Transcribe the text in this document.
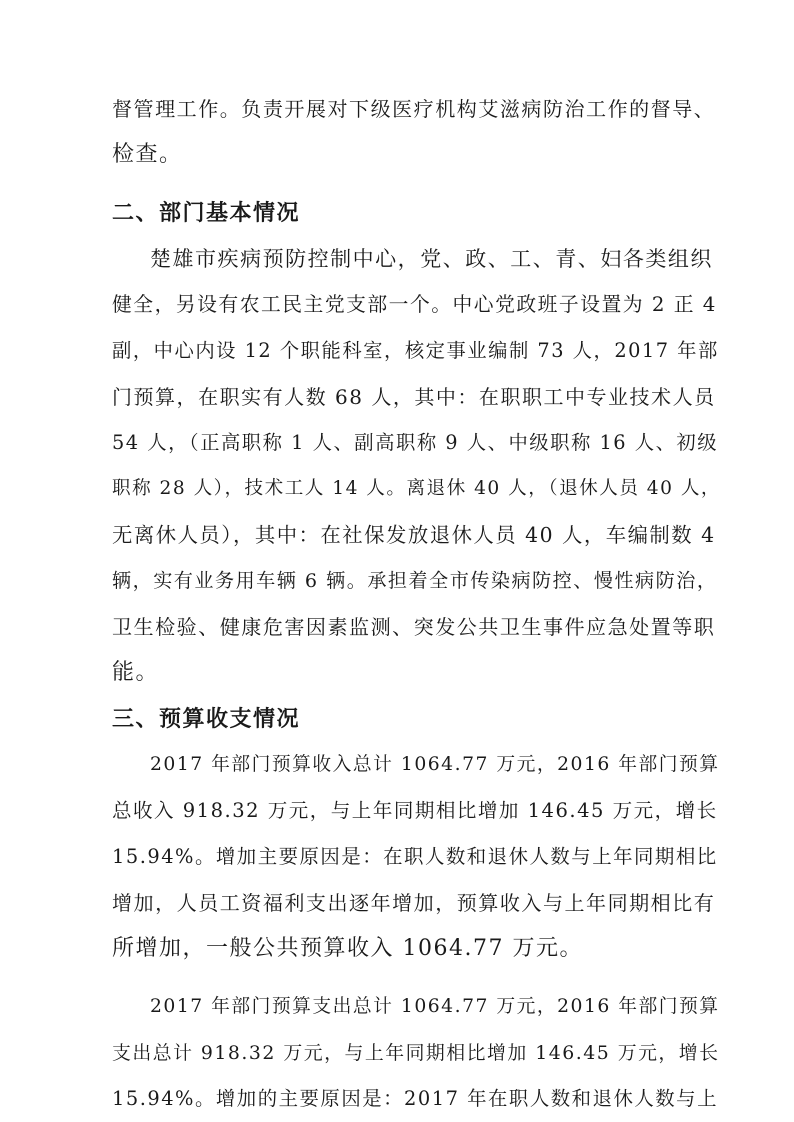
督管理工作。负责开展对下级医疗机构艾滋病防治工作的督导、
检查。
二、部门基本情况
楚雄市疾病预防控制中心，党、政、工、青、妇各类组织
健全，另设有农工民主党支部一个。中心党政班子设置为 2 正 4
副，中心内设 12 个职能科室，核定事业编制 73 人，2017 年部
门预算，在职实有人数 68 人，其中：在职职工中专业技术人员
54 人，（正高职称 1 人、副高职称 9 人、中级职称 16 人、初级
职称 28 人），技术工人 14 人。离退休 40 人，（退休人员 40 人，
无离休人员），其中：在社保发放退休人员 40 人，车编制数 4
辆，实有业务用车辆 6 辆。承担着全市传染病防控、慢性病防治，
卫生检验、健康危害因素监测、突发公共卫生事件应急处置等职
能。
三、预算收支情况
2017 年部门预算收入总计 1064.77 万元，2016 年部门预算
总收入 918.32 万元，与上年同期相比增加 146.45 万元，增长
15.94%。增加主要原因是：在职人数和退休人数与上年同期相比
增加，人员工资福利支出逐年增加，预算收入与上年同期相比有
所增加，一般公共预算收入 1064.77 万元。
2017 年部门预算支出总计 1064.77 万元，2016 年部门预算
支出总计 918.32 万元，与上年同期相比增加 146.45 万元，增长
15.94%。增加的主要原因是：2017 年在职人数和退休人数与上
